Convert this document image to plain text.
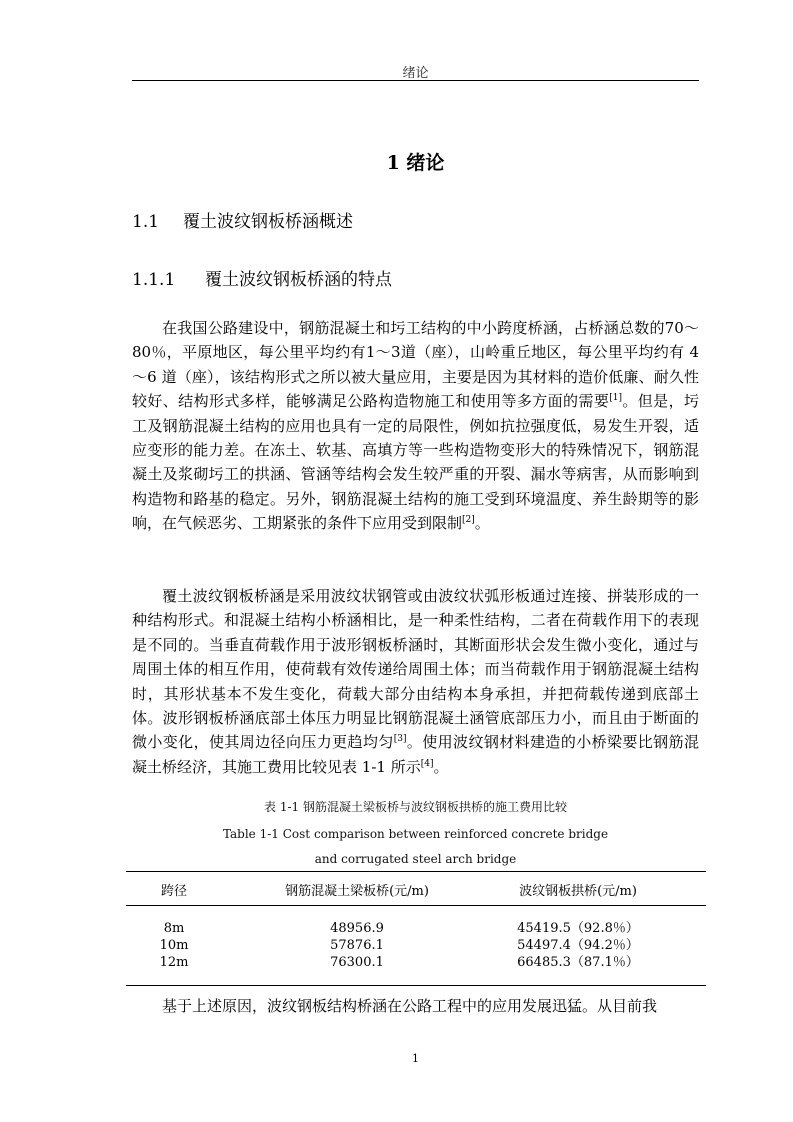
绪论
1 绪论
1.1 覆土波纹钢板桥涵概述
1.1.1 覆土波纹钢板桥涵的特点

在我国公路建设中，钢筋混凝土和圬工结构的中小跨度桥涵，占桥涵总数的70～80％，平原地区，每公里平均约有1～3道（座），山岭重丘地区，每公里平均约有 4～6 道（座），该结构形式之所以被大量应用，主要是因为其材料的造价低廉、耐久性较好、结构形式多样，能够满足公路构造物施工和使用等多方面的需要[1]。但是，圬工及钢筋混凝土结构的应用也具有一定的局限性，例如抗拉强度低，易发生开裂，适应变形的能力差。在冻土、软基、高填方等一些构造物变形大的特殊情况下，钢筋混凝土及浆砌圬工的拱涵、管涵等结构会发生较严重的开裂、漏水等病害，从而影响到构造物和路基的稳定。另外，钢筋混凝土结构的施工受到环境温度、养生龄期等的影响，在气候恶劣、工期紧张的条件下应用受到限制[2]。

覆土波纹钢板桥涵是采用波纹状钢管或由波纹状弧形板通过连接、拼装形成的一种结构形式。和混凝土结构小桥涵相比，是一种柔性结构，二者在荷载作用下的表现是不同的。当垂直荷载作用于波形钢板桥涵时，其断面形状会发生微小变化，通过与周围土体的相互作用，使荷载有效传递给周围土体；而当荷载作用于钢筋混凝土结构时，其形状基本不发生变化，荷载大部分由结构本身承担，并把荷载传递到底部土体。波形钢板桥涵底部土体压力明显比钢筋混凝土涵管底部压力小，而且由于断面的微小变化，使其周边径向压力更趋均匀[3]。使用波纹钢材料建造的小桥梁要比钢筋混凝土桥经济，其施工费用比较见表 1-1 所示[4]。

表 1-1 钢筋混凝土梁板桥与波纹钢板拱桥的施工费用比较
Table 1-1 Cost comparison between reinforced concrete bridge
and corrugated steel arch bridge
跨径	钢筋混凝土梁板桥(元/m)	波纹钢板拱桥(元/m)
8m
10m
12m
48956.9
57876.1
76300.1
45419.5（92.8％）
54497.4（94.2％）
66485.3（87.1％）

基于上述原因，波纹钢板结构桥涵在公路工程中的应用发展迅猛。从目前我

1
